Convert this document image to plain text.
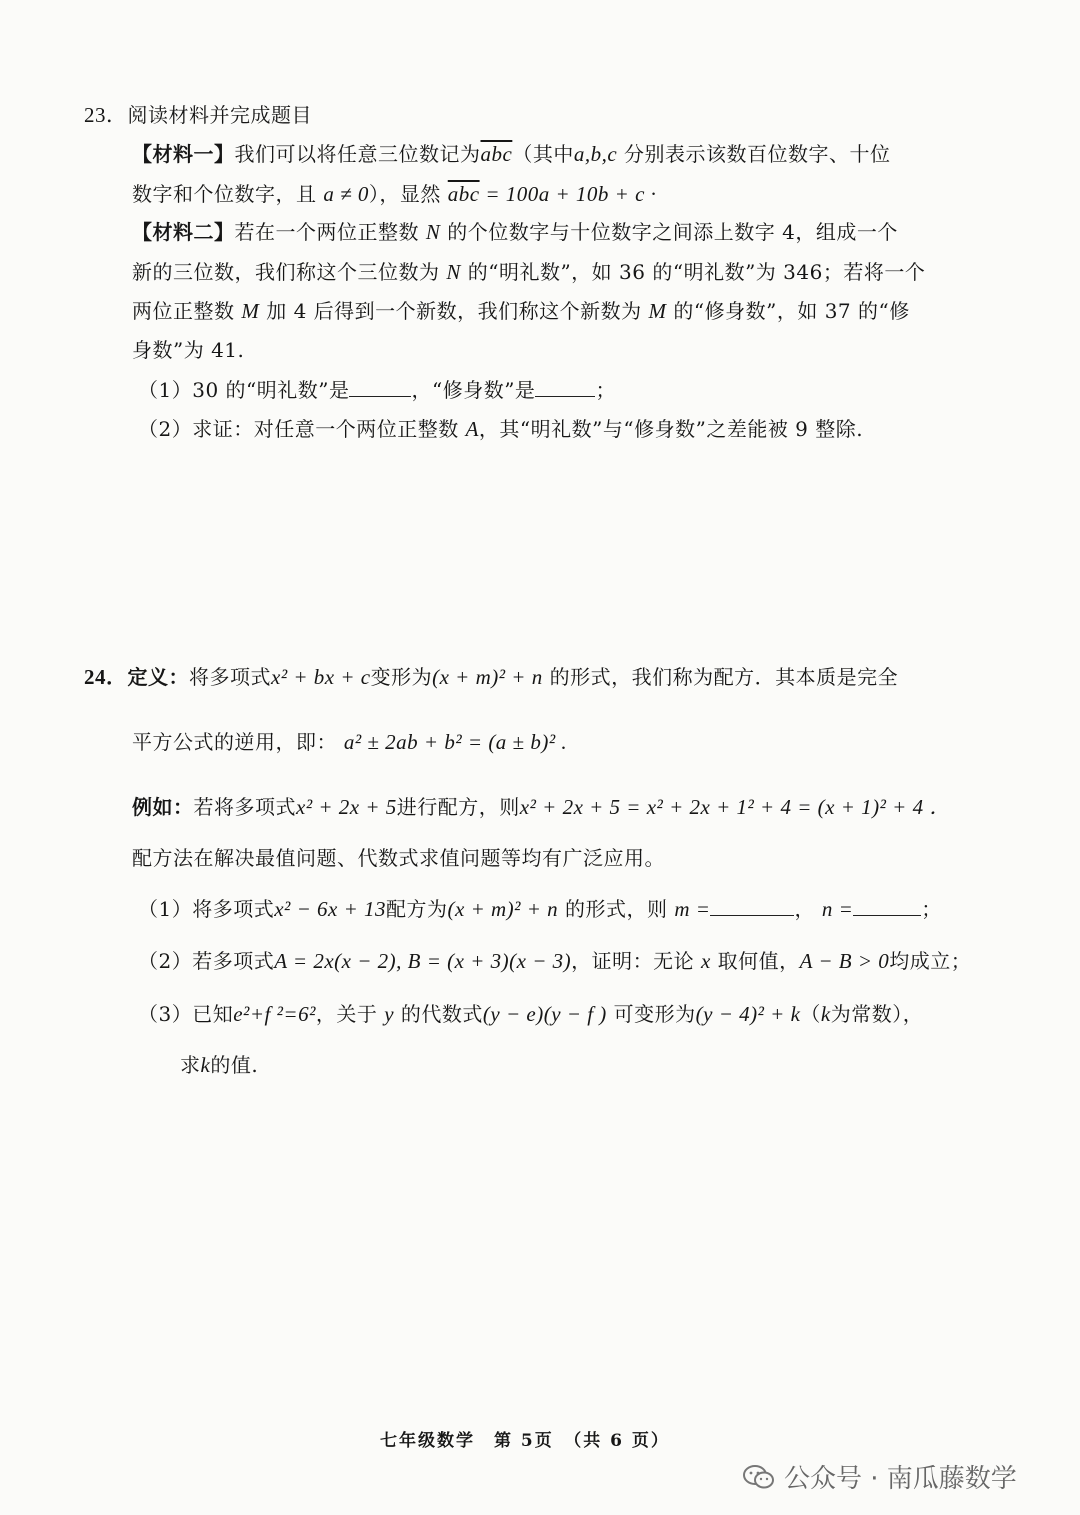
23．阅读材料并完成题目
【材料一】我们可以将任意三位数记为$\overline{abc}$（其中a,b,c 分别表示该数百位数字、十位
数字和个位数字，且 a ≠ 0），显然 $\overline{abc} = 100a + 10b + c$ ·
【材料二】若在一个两位正整数 N 的个位数字与十位数字之间添上数字 4，组成一个
新的三位数，我们称这个三位数为 N 的“明礼数”，如 36 的“明礼数”为 346；若将一个
两位正整数 M 加 4 后得到一个新数，我们称这个新数为 M 的“修身数”，如 37 的“修
身数”为 41.
（1）30 的“明礼数”是	，“修身数”是	；
（2）求证：对任意一个两位正整数 A，其“明礼数”与“修身数”之差能被 9 整除.
24．定义：将多项式x² + bx + c变形为(x + m)² + n 的形式，我们称为配方．其本质是完全
平方公式的逆用，即： a² ± 2ab + b² = (a ± b)² .
例如：若将多项式x² + 2x + 5进行配方，则x² + 2x + 5 = x² + 2x + 1² + 4 = (x + 1)² + 4 ．
配方法在解决最值问题、代数式求值问题等均有广泛应用。
（1）将多项式x² − 6x + 13配方为(x + m)² + n 的形式，则 m =	， n =	；
（2）若多项式A = 2x(x − 2), B = (x + 3)(x − 3)，证明：无论 x 取何值，A − B > 0均成立；
（3）已知e²+f ²=6²，关于 y 的代数式(y − e)(y − f ) 可变形为(y − 4)² + k（k为常数），
求k的值.
七年级数学　第 5页　（共 6 页）
公众号 · 南瓜藤数学
